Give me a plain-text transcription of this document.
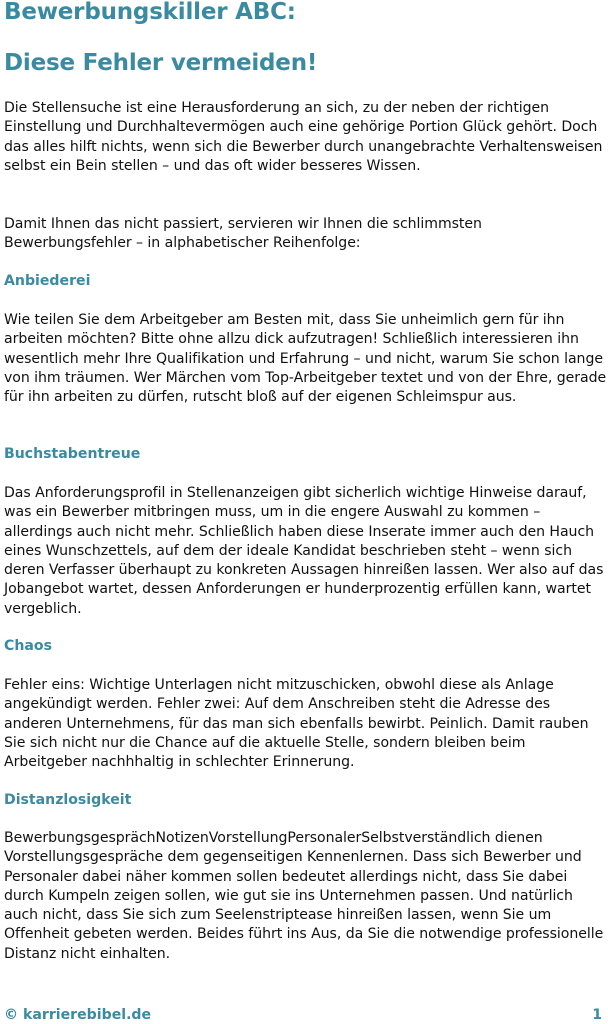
Bewerbungskiller ABC:
Diese Fehler vermeiden!

Die Stellensuche ist eine Herausforderung an sich, zu der neben der richtigen Einstellung und Durchhaltevermögen auch eine gehörige Portion Glück gehört. Doch das alles hilft nichts, wenn sich die Bewerber durch unangebrachte Verhaltensweisen selbst ein Bein stellen – und das oft wider besseres Wissen.

Damit Ihnen das nicht passiert, servieren wir Ihnen die schlimmsten Bewerbungsfehler – in alphabetischer Reihenfolge:

Anbiederei

Wie teilen Sie dem Arbeitgeber am Besten mit, dass Sie unheimlich gern für ihn arbeiten möchten? Bitte ohne allzu dick aufzutragen! Schließlich interessieren ihn wesentlich mehr Ihre Qualifikation und Erfahrung – und nicht, warum Sie schon lange von ihm träumen. Wer Märchen vom Top-Arbeitgeber textet und von der Ehre, gerade für ihn arbeiten zu dürfen, rutscht bloß auf der eigenen Schleimspur aus.

Buchstabentreue

Das Anforderungsprofil in Stellenanzeigen gibt sicherlich wichtige Hinweise darauf, was ein Bewerber mitbringen muss, um in die engere Auswahl zu kommen – allerdings auch nicht mehr. Schließlich haben diese Inserate immer auch den Hauch eines Wunschzettels, auf dem der ideale Kandidat beschrieben steht – wenn sich deren Verfasser überhaupt zu konkreten Aussagen hinreißen lassen. Wer also auf das Jobangebot wartet, dessen Anforderungen er hunderprozentig erfüllen kann, wartet vergeblich.

Chaos

Fehler eins: Wichtige Unterlagen nicht mitzuschicken, obwohl diese als Anlage angekündigt werden. Fehler zwei: Auf dem Anschreiben steht die Adresse des anderen Unternehmens, für das man sich ebenfalls bewirbt. Peinlich. Damit rauben Sie sich nicht nur die Chance auf die aktuelle Stelle, sondern bleiben beim Arbeitgeber nachhhaltig in schlechter Erinnerung.

Distanzlosigkeit

BewerbungsgesprächNotizenVorstellungPersonalerSelbstverständlich dienen Vorstellungsgespräche dem gegenseitigen Kennenlernen. Dass sich Bewerber und Personaler dabei näher kommen sollen bedeutet allerdings nicht, dass Sie dabei durch Kumpeln zeigen sollen, wie gut sie ins Unternehmen passen. Und natürlich auch nicht, dass Sie sich zum Seelenstriptease hinreißen lassen, wenn Sie um Offenheit gebeten werden. Beides führt ins Aus, da Sie die notwendige professionelle Distanz nicht einhalten.

© karrierebibel.de	1
